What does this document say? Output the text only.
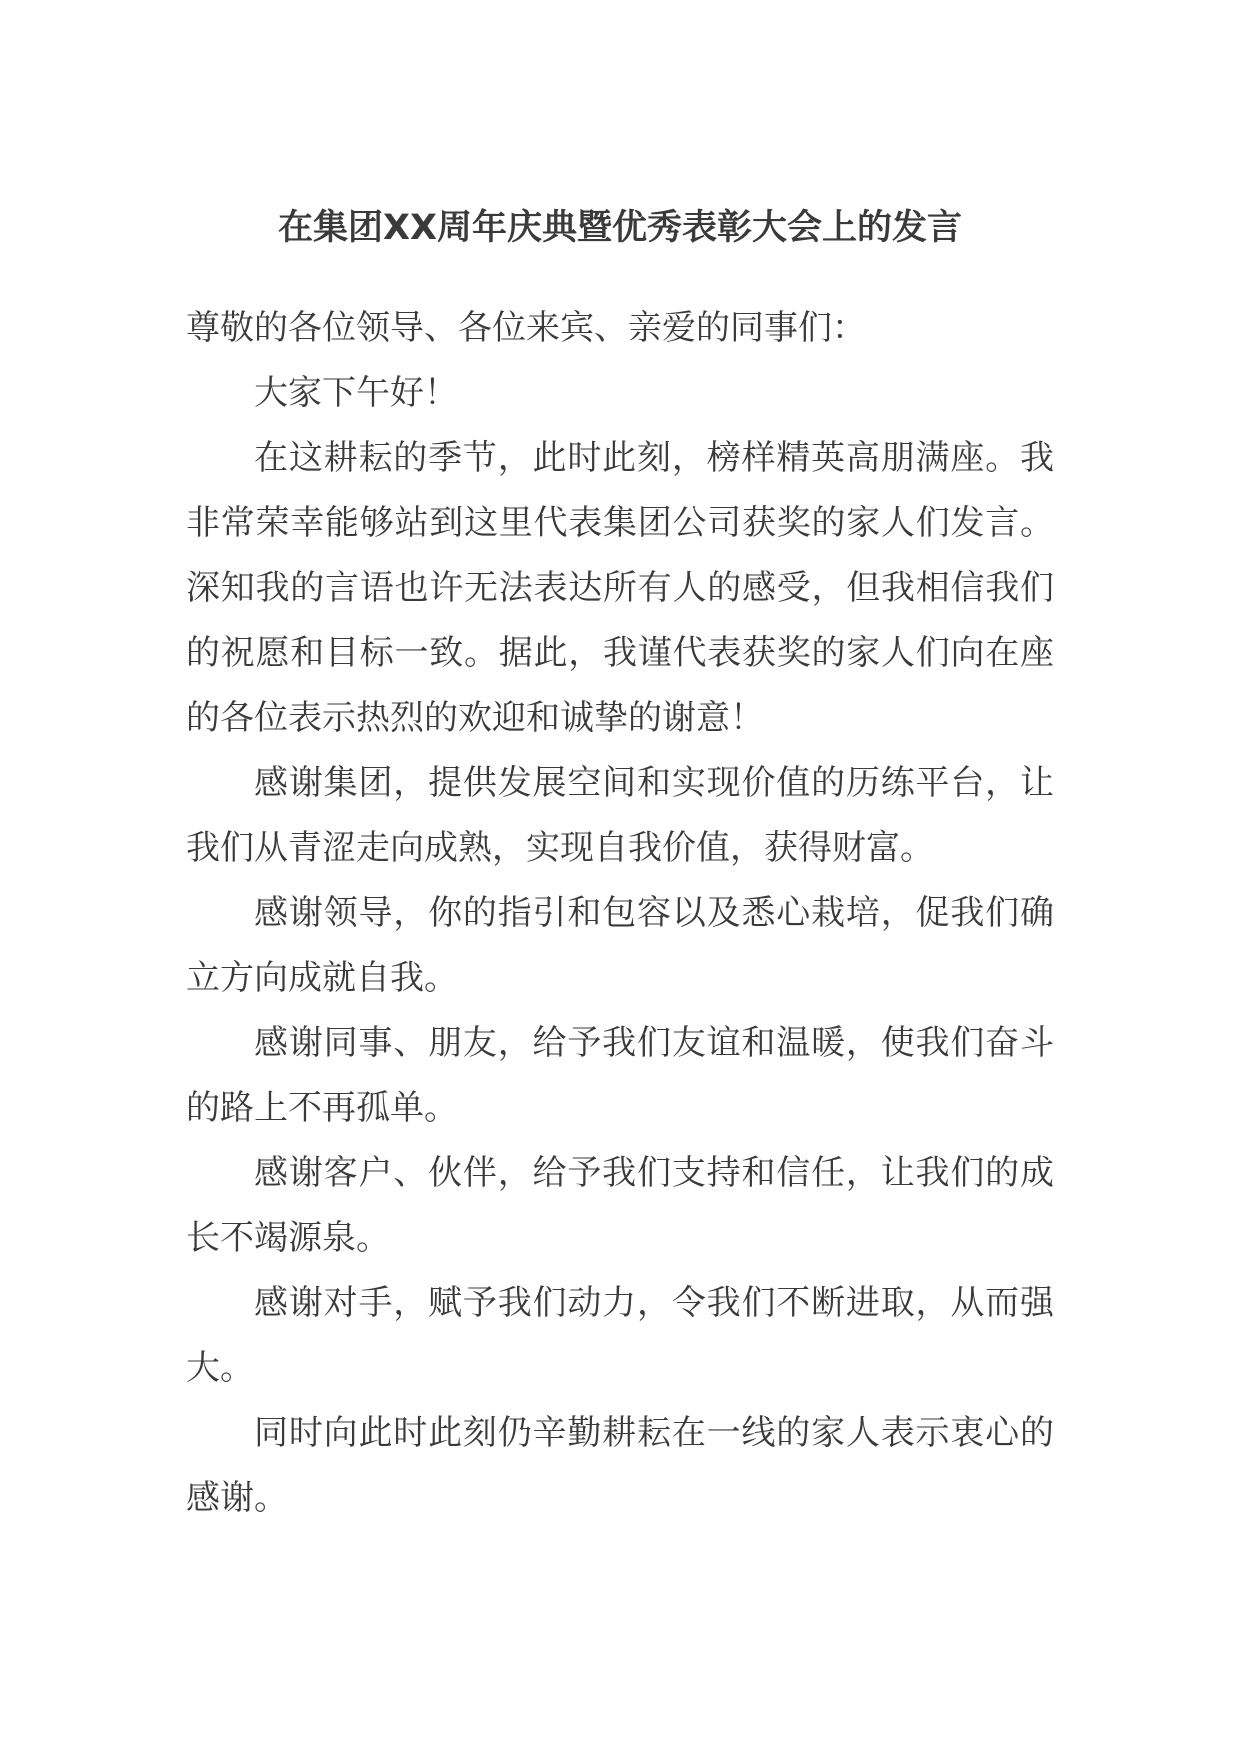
在集团XX周年庆典暨优秀表彰大会上的发言

尊敬的各位领导、各位来宾、亲爱的同事们：

大家下午好！

在这耕耘的季节，此时此刻，榜样精英高朋满座。我非常荣幸能够站到这里代表集团公司获奖的家人们发言。深知我的言语也许无法表达所有人的感受，但我相信我们的祝愿和目标一致。据此，我谨代表获奖的家人们向在座的各位表示热烈的欢迎和诚挚的谢意！

感谢集团，提供发展空间和实现价值的历练平台，让我们从青涩走向成熟，实现自我价值，获得财富。

感谢领导，你的指引和包容以及悉心栽培，促我们确立方向成就自我。

感谢同事、朋友，给予我们友谊和温暖，使我们奋斗的路上不再孤单。

感谢客户、伙伴，给予我们支持和信任，让我们的成长不竭源泉。

感谢对手，赋予我们动力，令我们不断进取，从而强大。

同时向此时此刻仍辛勤耕耘在一线的家人表示衷心的感谢。
